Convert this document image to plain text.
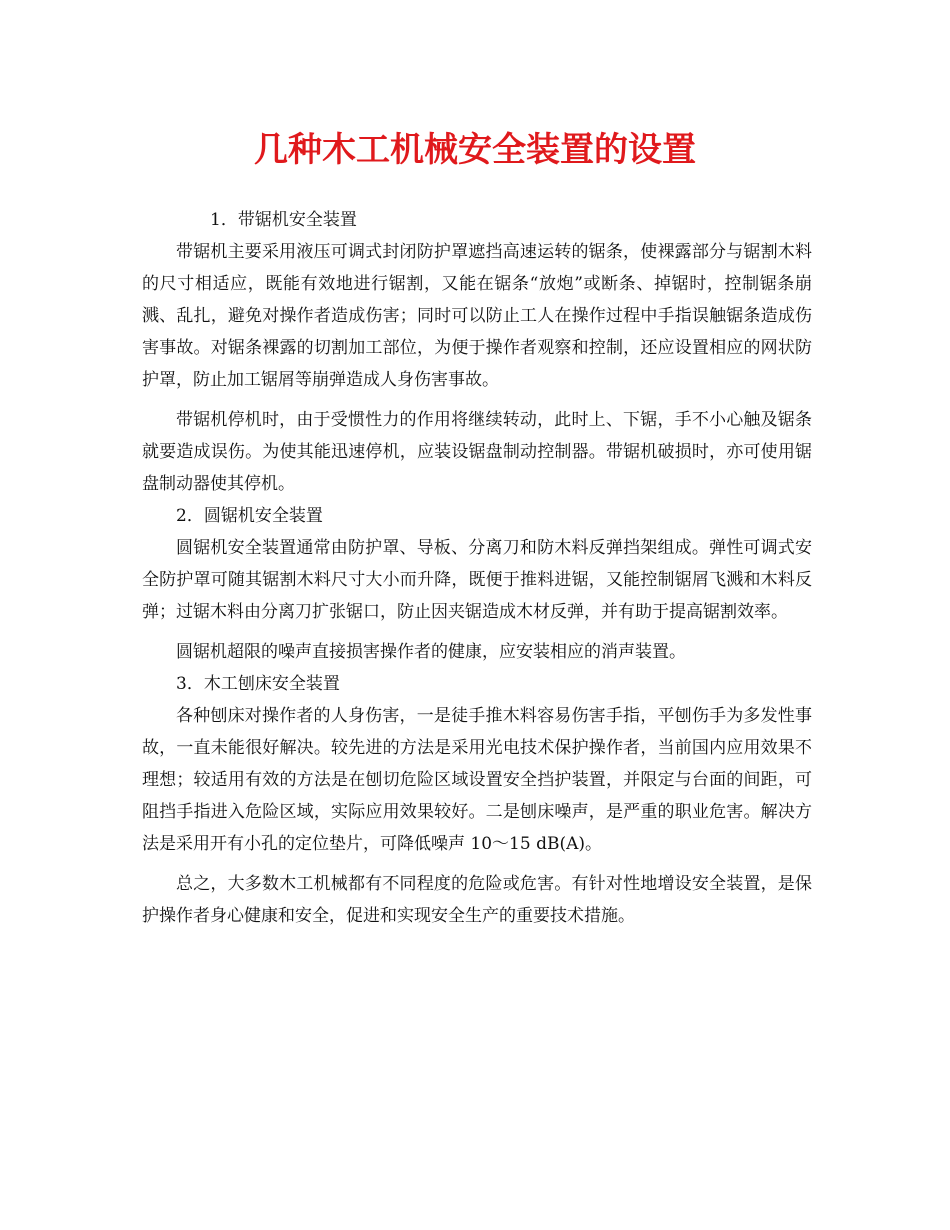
几种木工机械安全装置的设置

1．带锯机安全装置

带锯机主要采用液压可调式封闭防护罩遮挡高速运转的锯条，使裸露部分与锯割木料的尺寸相适应，既能有效地进行锯割，又能在锯条“放炮”或断条、掉锯时，控制锯条崩溅、乱扎，避免对操作者造成伤害；同时可以防止工人在操作过程中手指误触锯条造成伤害事故。对锯条裸露的切割加工部位，为便于操作者观察和控制，还应设置相应的网状防护罩，防止加工锯屑等崩弹造成人身伤害事故。

带锯机停机时，由于受惯性力的作用将继续转动，此时上、下锯，手不小心触及锯条就要造成误伤。为使其能迅速停机，应装设锯盘制动控制器。带锯机破损时，亦可使用锯盘制动器使其停机。

2．圆锯机安全装置

圆锯机安全装置通常由防护罩、导板、分离刀和防木料反弹挡架组成。弹性可调式安全防护罩可随其锯割木料尺寸大小而升降，既便于推料进锯，又能控制锯屑飞溅和木料反弹；过锯木料由分离刀扩张锯口，防止因夹锯造成木材反弹，并有助于提高锯割效率。

圆锯机超限的噪声直接损害操作者的健康，应安装相应的消声装置。

3．木工刨床安全装置

各种刨床对操作者的人身伤害，一是徒手推木料容易伤害手指，平刨伤手为多发性事故，一直未能很好解决。较先进的方法是采用光电技术保护操作者，当前国内应用效果不理想；较适用有效的方法是在刨切危险区域设置安全挡护装置，并限定与台面的间距，可阻挡手指进入危险区域，实际应用效果较好。二是刨床噪声，是严重的职业危害。解决方法是采用开有小孔的定位垫片，可降低噪声 10～15 dB(A)。

总之，大多数木工机械都有不同程度的危险或危害。有针对性地增设安全装置，是保护操作者身心健康和安全，促进和实现安全生产的重要技术措施。
